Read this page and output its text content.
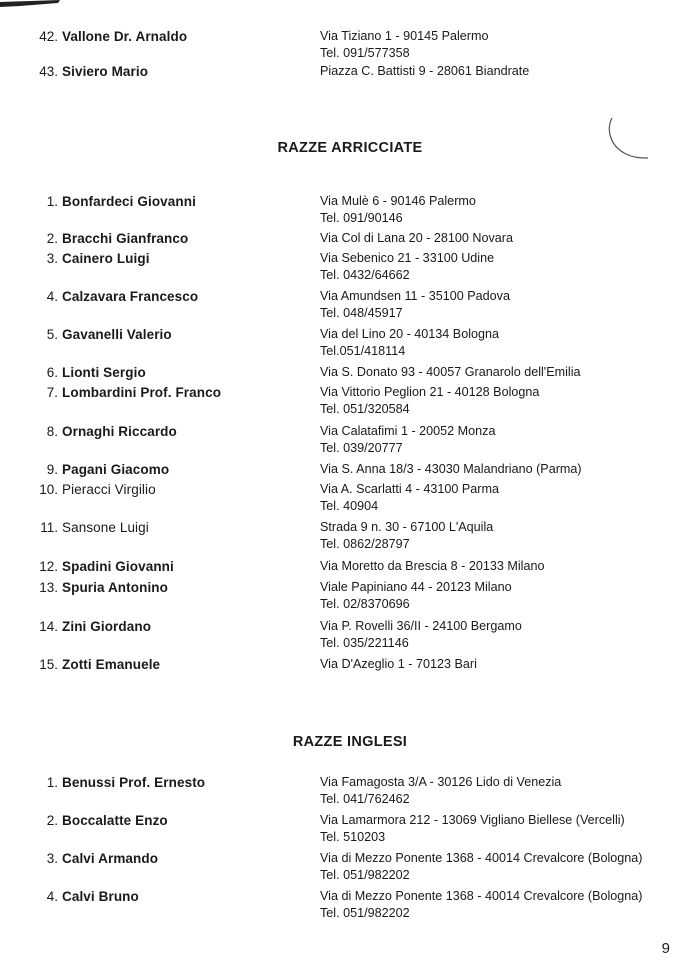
42. Vallone Dr. Arnaldo	Via Tiziano 1 - 90145 Palermo
Tel. 091/577358
43. Siviero Mario	Piazza C. Battisti 9 - 28061 Biandrate
RAZZE ARRICCIATE
1. Bonfardeci Giovanni	Via Mulè 6 - 90146 Palermo
Tel. 091/90146
2. Bracchi Gianfranco	Via Col di Lana 20 - 28100 Novara
3. Cainero Luigi	Via Sebenico 21 - 33100 Udine
Tel. 0432/64662
4. Calzavara Francesco	Via Amundsen 11 - 35100 Padova
Tel. 048/45917
5. Gavanelli Valerio	Via del Lino 20 - 40134 Bologna
Tel.051/418114
6. Lionti Sergio	Via S. Donato 93 - 40057 Granarolo dell'Emilia
7. Lombardini Prof. Franco	Via Vittorio Peglion 21 - 40128 Bologna
Tel. 051/320584
8. Ornaghi Riccardo	Via Calatafimi 1 - 20052 Monza
Tel. 039/20777
9. Pagani Giacomo	Via S. Anna 18/3 - 43030 Malandriano (Parma)
10. Pieracci Virgilio	Via A. Scarlatti 4 - 43100 Parma
Tel. 40904
11. Sansone Luigi	Strada 9 n. 30 - 67100 L'Aquila
Tel. 0862/28797
12. Spadini Giovanni	Via Moretto da Brescia 8 - 20133 Milano
13. Spuria Antonino	Viale Papiniano 44 - 20123 Milano
Tel. 02/8370696
14. Zini Giordano	Via P. Rovelli 36/II - 24100 Bergamo
Tel. 035/221146
15. Zotti Emanuele	Via D'Azeglio 1 - 70123 Bari
RAZZE INGLESI
1. Benussi Prof. Ernesto	Via Famagosta 3/A - 30126 Lido di Venezia
Tel. 041/762462
2. Boccalatte Enzo	Via Lamarmora 212 - 13069 Vigliano Biellese (Vercelli)
Tel. 510203
3. Calvi Armando	Via di Mezzo Ponente 1368 - 40014 Crevalcore (Bologna)
Tel. 051/982202
4. Calvi Bruno	Via di Mezzo Ponente 1368 - 40014 Crevalcore (Bologna)
Tel. 051/982202
9
